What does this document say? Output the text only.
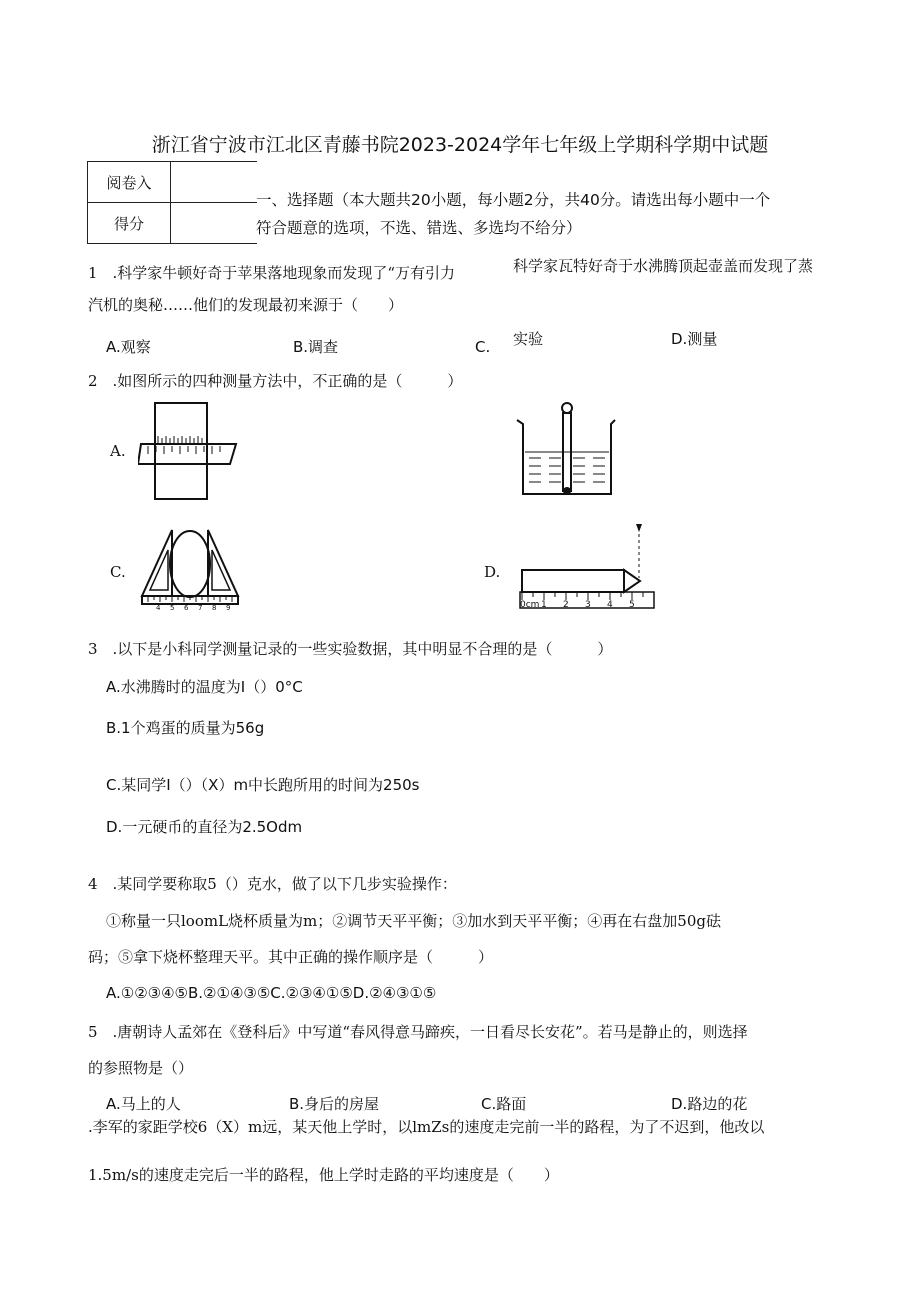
浙江省宁波市江北区青藤书院2023-2024学年七年级上学期科学期中试题
阅卷入	
得分	
一、选择题（本大题共20小题，每小题2分，共40分。请选出每小题中一个
符合题意的选项，不选、错选、多选均不给分）
1　.科学家牛顿好奇于苹果落地现象而发现了“万有引力	科学家瓦特好奇于水沸腾顶起壶盖而发现了蒸
汽机的奥秘……他们的发现最初来源于（　　）
A.观察	B.调查	C. 实验	D.测量
2　.如图所示的四种测量方法中，不正确的是（　　　）
A.
C.
4 5 6 7 8 9
D.
0cm 1 2 3 4 5
3　.以下是小科同学测量记录的一些实验数据，其中明显不合理的是（　　　）
A.水沸腾时的温度为I（）0°C
B.1个鸡蛋的质量为56g
C.某同学I（）（X）m中长跑所用的时间为250s
D.一元硬币的直径为2.5Odm
4　.某同学要称取5（）克水，做了以下几步实验操作：
①称量一只loomL烧杯质量为m；②调节天平平衡；③加水到天平平衡；④再在右盘加50g砝
码；⑤拿下烧杯整理天平。其中正确的操作顺序是（　　　）
A.①②③④⑤B.②①④③⑤C.②③④①⑤D.②④③①⑤
5　.唐朝诗人孟郊在《登科后》中写道“春风得意马蹄疾，一日看尽长安花”。若马是静止的，则选择
的参照物是（）
A.马上的人	B.身后的房屋	C.路面	D.路边的花
.李军的家距学校6（X）m远，某天他上学时，以lmZs的速度走完前一半的路程，为了不迟到，他改以
1.5m∕s的速度走完后一半的路程，他上学时走路的平均速度是（　　）
